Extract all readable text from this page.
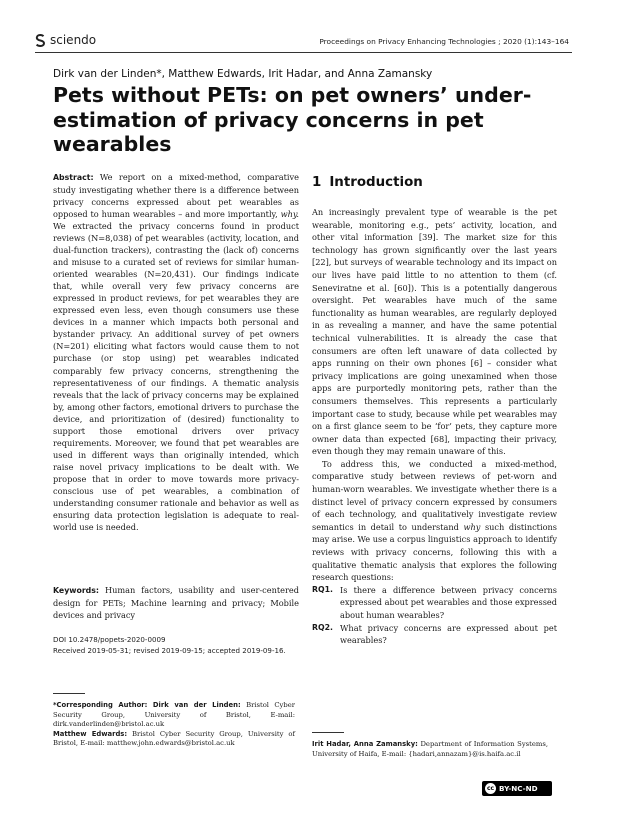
sciendo	Proceedings on Privacy Enhancing Technologies ; 2020 (1):143–164
Dirk van der Linden*, Matthew Edwards, Irit Hadar, and Anna Zamansky
Pets without PETs: on pet owners’ under-estimation of privacy concerns in pet wearables
Abstract: We report on a mixed-method, comparative study investigating whether there is a difference between privacy concerns expressed about pet wearables as opposed to human wearables – and more importantly, why. We extracted the privacy concerns found in product reviews (N=8,038) of pet wearables (activity, location, and dual-function trackers), contrasting the (lack of) concerns and misuse to a curated set of reviews for similar human-oriented wearables (N=20,431). Our findings indicate that, while overall very few privacy concerns are expressed in product reviews, for pet wearables they are expressed even less, even though consumers use these devices in a manner which impacts both personal and bystander privacy. An additional survey of pet owners (N=201) eliciting what factors would cause them to not purchase (or stop using) pet wearables indicated comparably few privacy concerns, strengthening the representativeness of our findings. A thematic analysis reveals that the lack of privacy concerns may be explained by, among other factors, emotional drivers to purchase the device, and prioritization of (desired) functionality to support those emotional drivers over privacy requirements. Moreover, we found that pet wearables are used in different ways than originally intended, which raise novel privacy implications to be dealt with. We propose that in order to move towards more privacy-conscious use of pet wearables, a combination of understanding consumer rationale and behavior as well as ensuring data protection legislation is adequate to real-world use is needed.
Keywords: Human factors, usability and user-centered design for PETs; Machine learning and privacy; Mobile devices and privacy
DOI 10.2478/popets-2020-0009
Received 2019-05-31; revised 2019-09-15; accepted 2019-09-16.
*Corresponding Author: Dirk van der Linden: Bristol Cyber Security Group, University of Bristol, E-mail: dirk.vanderlinden@bristol.ac.uk
Matthew Edwards: Bristol Cyber Security Group, University of Bristol, E-mail: matthew.john.edwards@bristol.ac.uk
1 Introduction

An increasingly prevalent type of wearable is the pet wearable, monitoring e.g., pets’ activity, location, and other vital information [39]. The market size for this technology has grown significantly over the last years [22], but surveys of wearable technology and its impact on our lives have paid little to no attention to them (cf. Seneviratne et al. [60]). This is a potentially dangerous oversight. Pet wearables have much of the same functionality as human wearables, are regularly deployed in as revealing a manner, and have the same potential technical vulnerabilities. It is already the case that consumers are often left unaware of data collected by apps running on their own phones [6] – consider what privacy implications are going unexamined when those apps are purportedly monitoring pets, rather than the consumers themselves. This represents a particularly important case to study, because while pet wearables may on a first glance seem to be ‘for’ pets, they capture more owner data than expected [68], impacting their privacy, even though they may remain unaware of this.

To address this, we conducted a mixed-method, comparative study between reviews of pet-worn and human-worn wearables. We investigate whether there is a distinct level of privacy concern expressed by consumers of each technology, and qualitatively investigate review semantics in detail to understand why such distinctions may arise. We use a corpus linguistics approach to identify reviews with privacy concerns, following this with a qualitative thematic analysis that explores the following research questions:

RQ1. Is there a difference between privacy concerns expressed about pet wearables and those expressed about human wearables?
RQ2. What privacy concerns are expressed about pet wearables?
Irit Hadar, Anna Zamansky: Department of Information Systems, University of Haifa, E-mail: {hadari,annazam}@is.haifa.ac.il
cc BY-NC-ND
